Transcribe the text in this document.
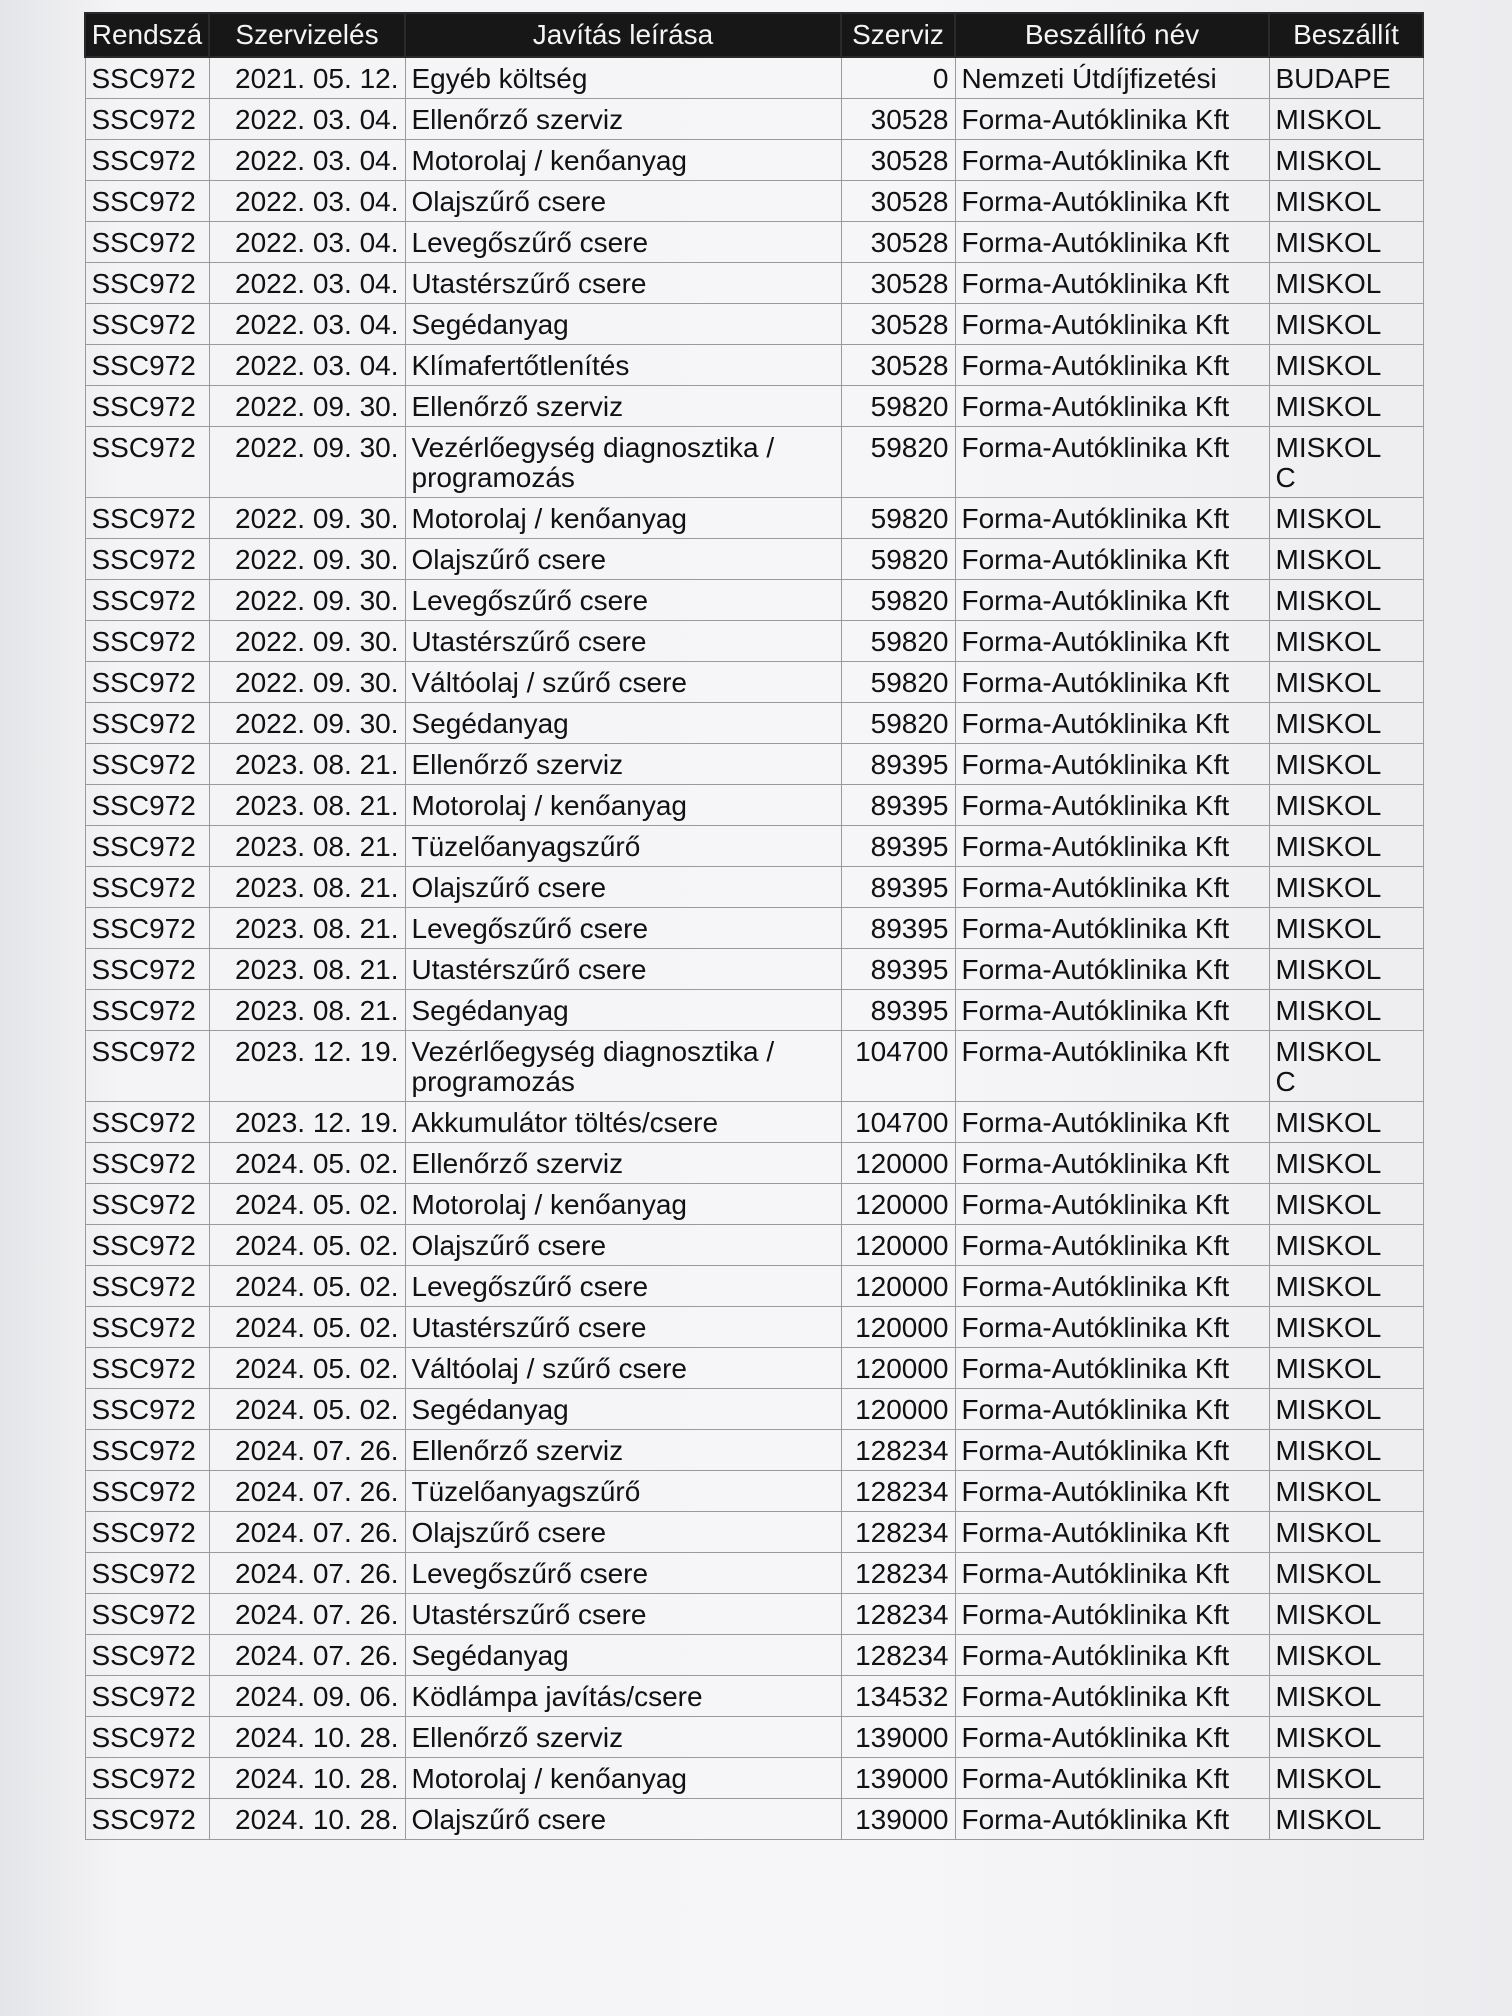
Rendszá	Szervizelés	Javítás leírása	Szerviz	Beszállító név	Beszállít
SSC972	2021. 05. 12.	Egyéb költség	0	Nemzeti Útdíjfizetési	BUDAPE
SSC972	2022. 03. 04.	Ellenőrző szerviz	30528	Forma-Autóklinika Kft	MISKOL
SSC972	2022. 03. 04.	Motorolaj / kenőanyag	30528	Forma-Autóklinika Kft	MISKOL
SSC972	2022. 03. 04.	Olajszűrő csere	30528	Forma-Autóklinika Kft	MISKOL
SSC972	2022. 03. 04.	Levegőszűrő csere	30528	Forma-Autóklinika Kft	MISKOL
SSC972	2022. 03. 04.	Utastérszűrő csere	30528	Forma-Autóklinika Kft	MISKOL
SSC972	2022. 03. 04.	Segédanyag	30528	Forma-Autóklinika Kft	MISKOL
SSC972	2022. 03. 04.	Klímafertőtlenítés	30528	Forma-Autóklinika Kft	MISKOL
SSC972	2022. 09. 30.	Ellenőrző szerviz	59820	Forma-Autóklinika Kft	MISKOL
SSC972	2022. 09. 30.	Vezérlőegység diagnosztika / programozás	59820	Forma-Autóklinika Kft	MISKOL
C
SSC972	2022. 09. 30.	Motorolaj / kenőanyag	59820	Forma-Autóklinika Kft	MISKOL
SSC972	2022. 09. 30.	Olajszűrő csere	59820	Forma-Autóklinika Kft	MISKOL
SSC972	2022. 09. 30.	Levegőszűrő csere	59820	Forma-Autóklinika Kft	MISKOL
SSC972	2022. 09. 30.	Utastérszűrő csere	59820	Forma-Autóklinika Kft	MISKOL
SSC972	2022. 09. 30.	Váltóolaj / szűrő csere	59820	Forma-Autóklinika Kft	MISKOL
SSC972	2022. 09. 30.	Segédanyag	59820	Forma-Autóklinika Kft	MISKOL
SSC972	2023. 08. 21.	Ellenőrző szerviz	89395	Forma-Autóklinika Kft	MISKOL
SSC972	2023. 08. 21.	Motorolaj / kenőanyag	89395	Forma-Autóklinika Kft	MISKOL
SSC972	2023. 08. 21.	Tüzelőanyagszűrő	89395	Forma-Autóklinika Kft	MISKOL
SSC972	2023. 08. 21.	Olajszűrő csere	89395	Forma-Autóklinika Kft	MISKOL
SSC972	2023. 08. 21.	Levegőszűrő csere	89395	Forma-Autóklinika Kft	MISKOL
SSC972	2023. 08. 21.	Utastérszűrő csere	89395	Forma-Autóklinika Kft	MISKOL
SSC972	2023. 08. 21.	Segédanyag	89395	Forma-Autóklinika Kft	MISKOL
SSC972	2023. 12. 19.	Vezérlőegység diagnosztika / programozás	104700	Forma-Autóklinika Kft	MISKOL
C
SSC972	2023. 12. 19.	Akkumulátor töltés/csere	104700	Forma-Autóklinika Kft	MISKOL
SSC972	2024. 05. 02.	Ellenőrző szerviz	120000	Forma-Autóklinika Kft	MISKOL
SSC972	2024. 05. 02.	Motorolaj / kenőanyag	120000	Forma-Autóklinika Kft	MISKOL
SSC972	2024. 05. 02.	Olajszűrő csere	120000	Forma-Autóklinika Kft	MISKOL
SSC972	2024. 05. 02.	Levegőszűrő csere	120000	Forma-Autóklinika Kft	MISKOL
SSC972	2024. 05. 02.	Utastérszűrő csere	120000	Forma-Autóklinika Kft	MISKOL
SSC972	2024. 05. 02.	Váltóolaj / szűrő csere	120000	Forma-Autóklinika Kft	MISKOL
SSC972	2024. 05. 02.	Segédanyag	120000	Forma-Autóklinika Kft	MISKOL
SSC972	2024. 07. 26.	Ellenőrző szerviz	128234	Forma-Autóklinika Kft	MISKOL
SSC972	2024. 07. 26.	Tüzelőanyagszűrő	128234	Forma-Autóklinika Kft	MISKOL
SSC972	2024. 07. 26.	Olajszűrő csere	128234	Forma-Autóklinika Kft	MISKOL
SSC972	2024. 07. 26.	Levegőszűrő csere	128234	Forma-Autóklinika Kft	MISKOL
SSC972	2024. 07. 26.	Utastérszűrő csere	128234	Forma-Autóklinika Kft	MISKOL
SSC972	2024. 07. 26.	Segédanyag	128234	Forma-Autóklinika Kft	MISKOL
SSC972	2024. 09. 06.	Ködlámpa javítás/csere	134532	Forma-Autóklinika Kft	MISKOL
SSC972	2024. 10. 28.	Ellenőrző szerviz	139000	Forma-Autóklinika Kft	MISKOL
SSC972	2024. 10. 28.	Motorolaj / kenőanyag	139000	Forma-Autóklinika Kft	MISKOL
SSC972	2024. 10. 28.	Olajszűrő csere	139000	Forma-Autóklinika Kft	MISKOL
